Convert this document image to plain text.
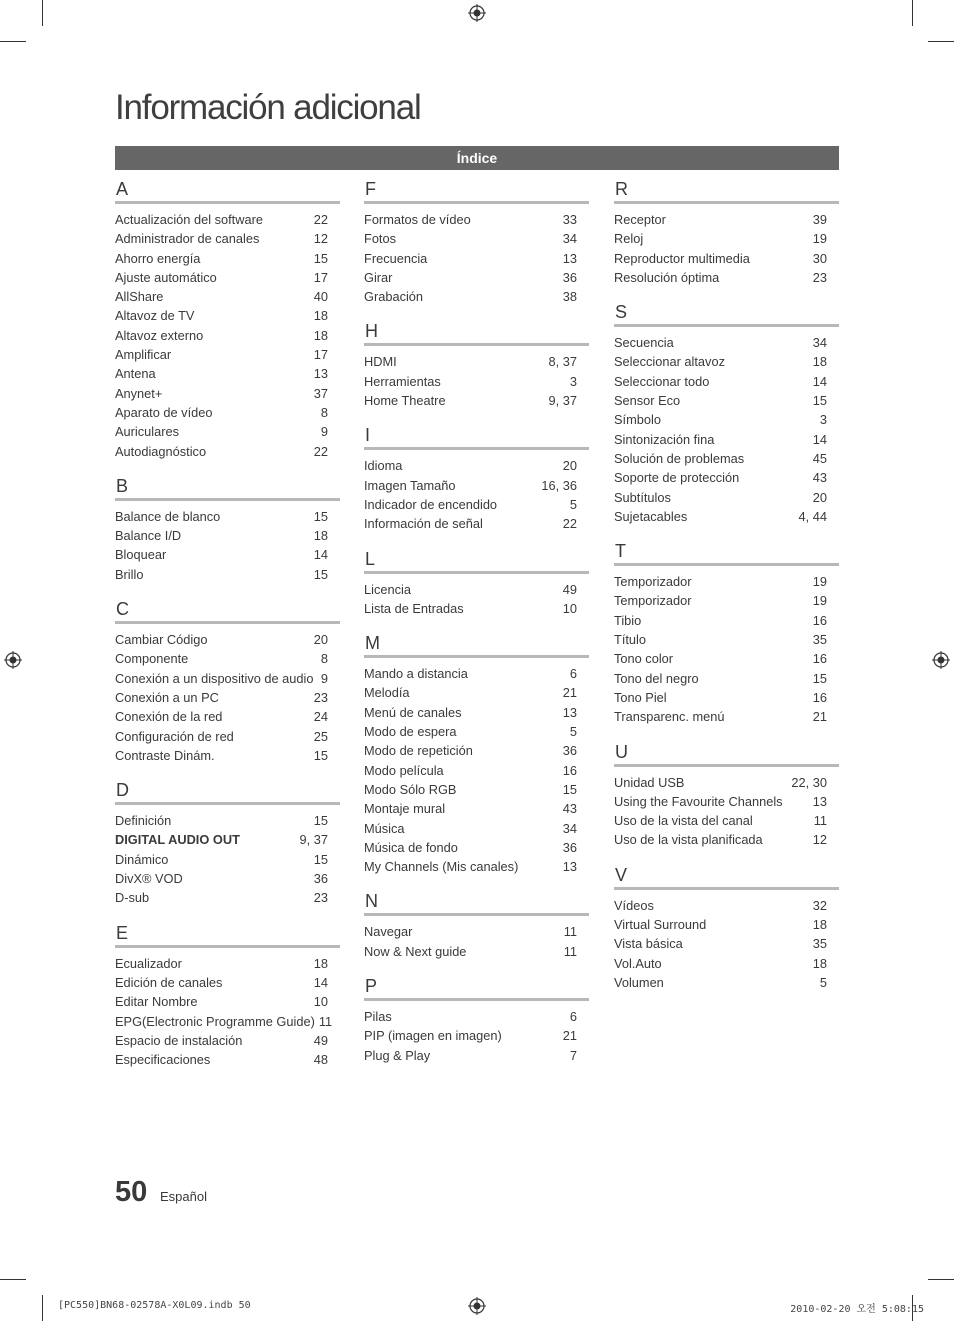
Información adicional
Índice
A
Actualización del software	22
Administrador de canales	12
Ahorro energía	15
Ajuste automático	17
AllShare	40
Altavoz de TV	18
Altavoz externo	18
Amplificar	17
Antena	13
Anynet+	37
Aparato de vídeo	8
Auriculares	9
Autodiagnóstico	22
B
Balance de blanco	15
Balance I/D	18
Bloquear	14
Brillo	15
C
Cambiar Código	20
Componente	8
Conexión a un dispositivo de audio 9
Conexión a un PC	23
Conexión de la red	24
Configuración de red	25
Contraste Dinám.	15
D
Definición	15
DIGITAL AUDIO OUT	9, 37
Dinámico	15
DivX® VOD	36
D-sub	23
E
Ecualizador	18
Edición de canales	14
Editar Nombre	10
EPG(Electronic Programme Guide) 11
Espacio de instalación	49
Especificaciones	48
F
Formatos de vídeo	33
Fotos	34
Frecuencia	13
Girar	36
Grabación	38
H
HDMI	8, 37
Herramientas	3
Home Theatre	9, 37
I
Idioma	20
Imagen Tamaño	16, 36
Indicador de encendido	5
Información de señal	22
L
Licencia	49
Lista de Entradas	10
M
Mando a distancia	6
Melodía	21
Menú de canales	13
Modo de espera	5
Modo de repetición	36
Modo película	16
Modo Sólo RGB	15
Montaje mural	43
Música	34
Música de fondo	36
My Channels (Mis canales)	13
N
Navegar	11
Now & Next guide	11
P
Pilas	6
PIP (imagen en imagen)	21
Plug & Play	7
R
Receptor	39
Reloj	19
Reproductor multimedia	30
Resolución óptima	23
S
Secuencia	34
Seleccionar altavoz	18
Seleccionar todo	14
Sensor Eco	15
Símbolo	3
Sintonización fina	14
Solución de problemas	45
Soporte de protección	43
Subtítulos	20
Sujetacables	4, 44
T
Temporizador	19
Temporizador	19
Tibio	16
Título	35
Tono color	16
Tono del negro	15
Tono Piel	16
Transparenc. menú	21
U
Unidad USB	22, 30
Using the Favourite Channels	13
Uso de la vista del canal	11
Uso de la vista planificada	12
V
Vídeos	32
Virtual Surround	18
Vista básica	35
Vol.Auto	18
Volumen	5
50 Español
[PC550]BN68-02578A-X0L09.indb 50	2010-02-20 오전 5:08:15
